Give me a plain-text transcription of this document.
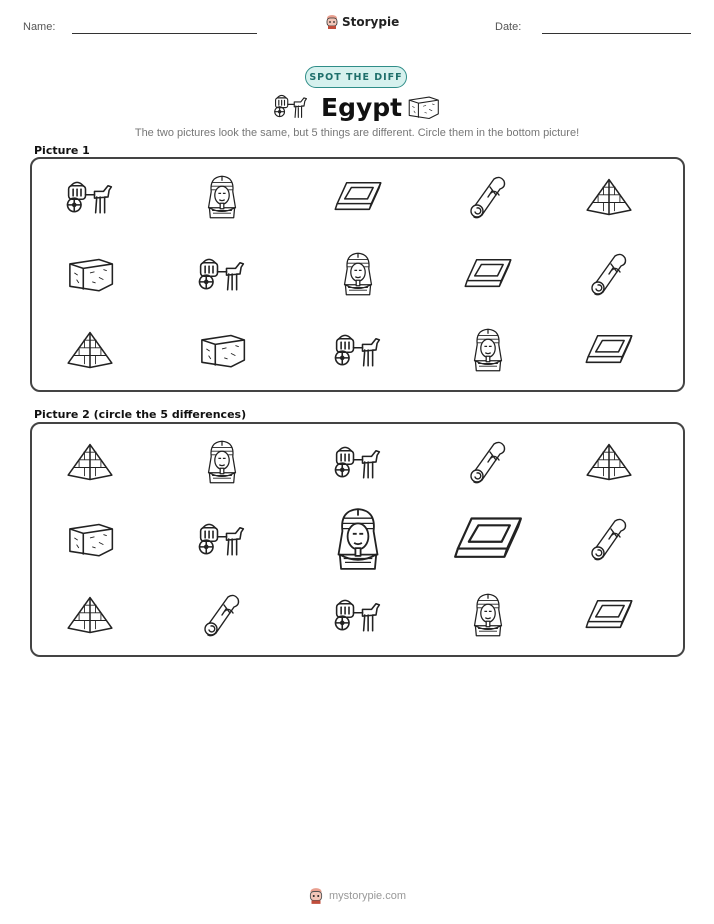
Name:	Storypie	Date:
SPOT THE DIFF
Egypt
The two pictures look the same, but 5 things are different. Circle them in the bottom picture!
Picture 1
Picture 2 (circle the 5 differences)
mystorypie.com
